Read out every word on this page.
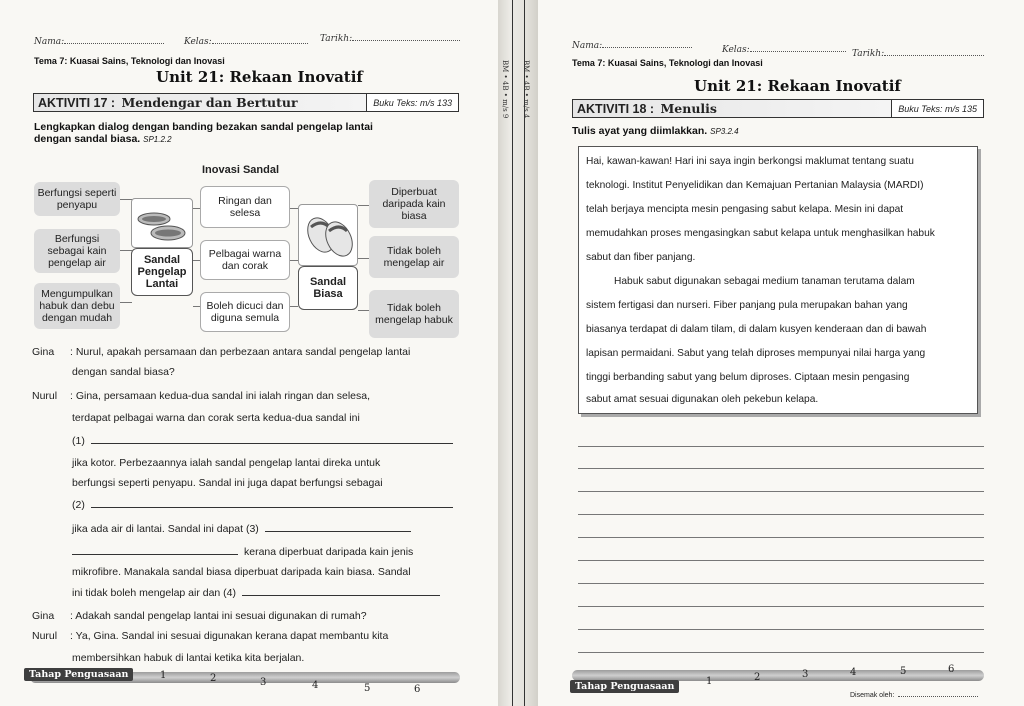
Nama:	Kelas:	Tarikh:
Tema 7: Kuasai Sains, Teknologi dan Inovasi
Unit 21: Rekaan Inovatif
AKTIVITI 17 :
Mendengar dan Bertutur	Buku Teks: m/s 133
Lengkapkan dialog dengan banding bezakan sandal pengelap lantai
dengan sandal biasa. SP1.2.2
Inovasi Sandal
Berfungsi seperti penyapu
Berfungsi sebagai kain pengelap air
Mengumpulkan habuk dan debu dengan mudah
Sandal Pengelap Lantai
Ringan dan selesa
Pelbagai warna dan corak
Boleh dicuci dan diguna semula
Sandal Biasa
Diperbuat daripada kain biasa
Tidak boleh mengelap air
Tidak boleh mengelap habuk
Gina : Nurul, apakah persamaan dan perbezaan antara sandal pengelap lantai
dengan sandal biasa?
Nurul : Gina, persamaan kedua-dua sandal ini ialah ringan dan selesa,
terdapat pelbagai warna dan corak serta kedua-dua sandal ini
(1)
jika kotor. Perbezaannya ialah sandal pengelap lantai direka untuk
berfungsi seperti penyapu. Sandal ini juga dapat berfungsi sebagai
(2)
jika ada air di lantai. Sandal ini dapat (3)
kerana diperbuat daripada kain jenis
mikrofibre. Manakala sandal biasa diperbuat daripada kain biasa. Sandal
ini tidak boleh mengelap air dan (4)
Gina : Adakah sandal pengelap lantai ini sesuai digunakan di rumah?
Nurul : Ya, Gina. Sandal ini sesuai digunakan kerana dapat membantu kita
membersihkan habuk di lantai ketika kita berjalan.
Tahap Penguasaan	1	2	3	4	5	6
BM • 4B • m/s 9 BM • 4B • m/s 4
Nama:	Kelas:	Tarikh:
Tema 7: Kuasai Sains, Teknologi dan Inovasi
Unit 21: Rekaan Inovatif
AKTIVITI 18 :
Menulis	Buku Teks: m/s 135
Tulis ayat yang diimlakkan. SP3.2.4
Hai, kawan-kawan! Hari ini saya ingin berkongsi maklumat tentang suatu
teknologi. Institut Penyelidikan dan Kemajuan Pertanian Malaysia (MARDI)
telah berjaya mencipta mesin pengasing sabut kelapa. Mesin ini dapat
memudahkan proses mengasingkan sabut kelapa untuk menghasilkan habuk
sabut dan fiber panjang.
Habuk sabut digunakan sebagai medium tanaman terutama dalam
sistem fertigasi dan nurseri. Fiber panjang pula merupakan bahan yang
biasanya terdapat di dalam tilam, di dalam kusyen kenderaan dan di bawah
lapisan permaidani. Sabut yang telah diproses mempunyai nilai harga yang
tinggi berbanding sabut yang belum diproses. Ciptaan mesin pengasing
sabut amat sesuai digunakan oleh pekebun kelapa.
Tahap Penguasaan	1	2	3	4	5	6
Disemak oleh:
